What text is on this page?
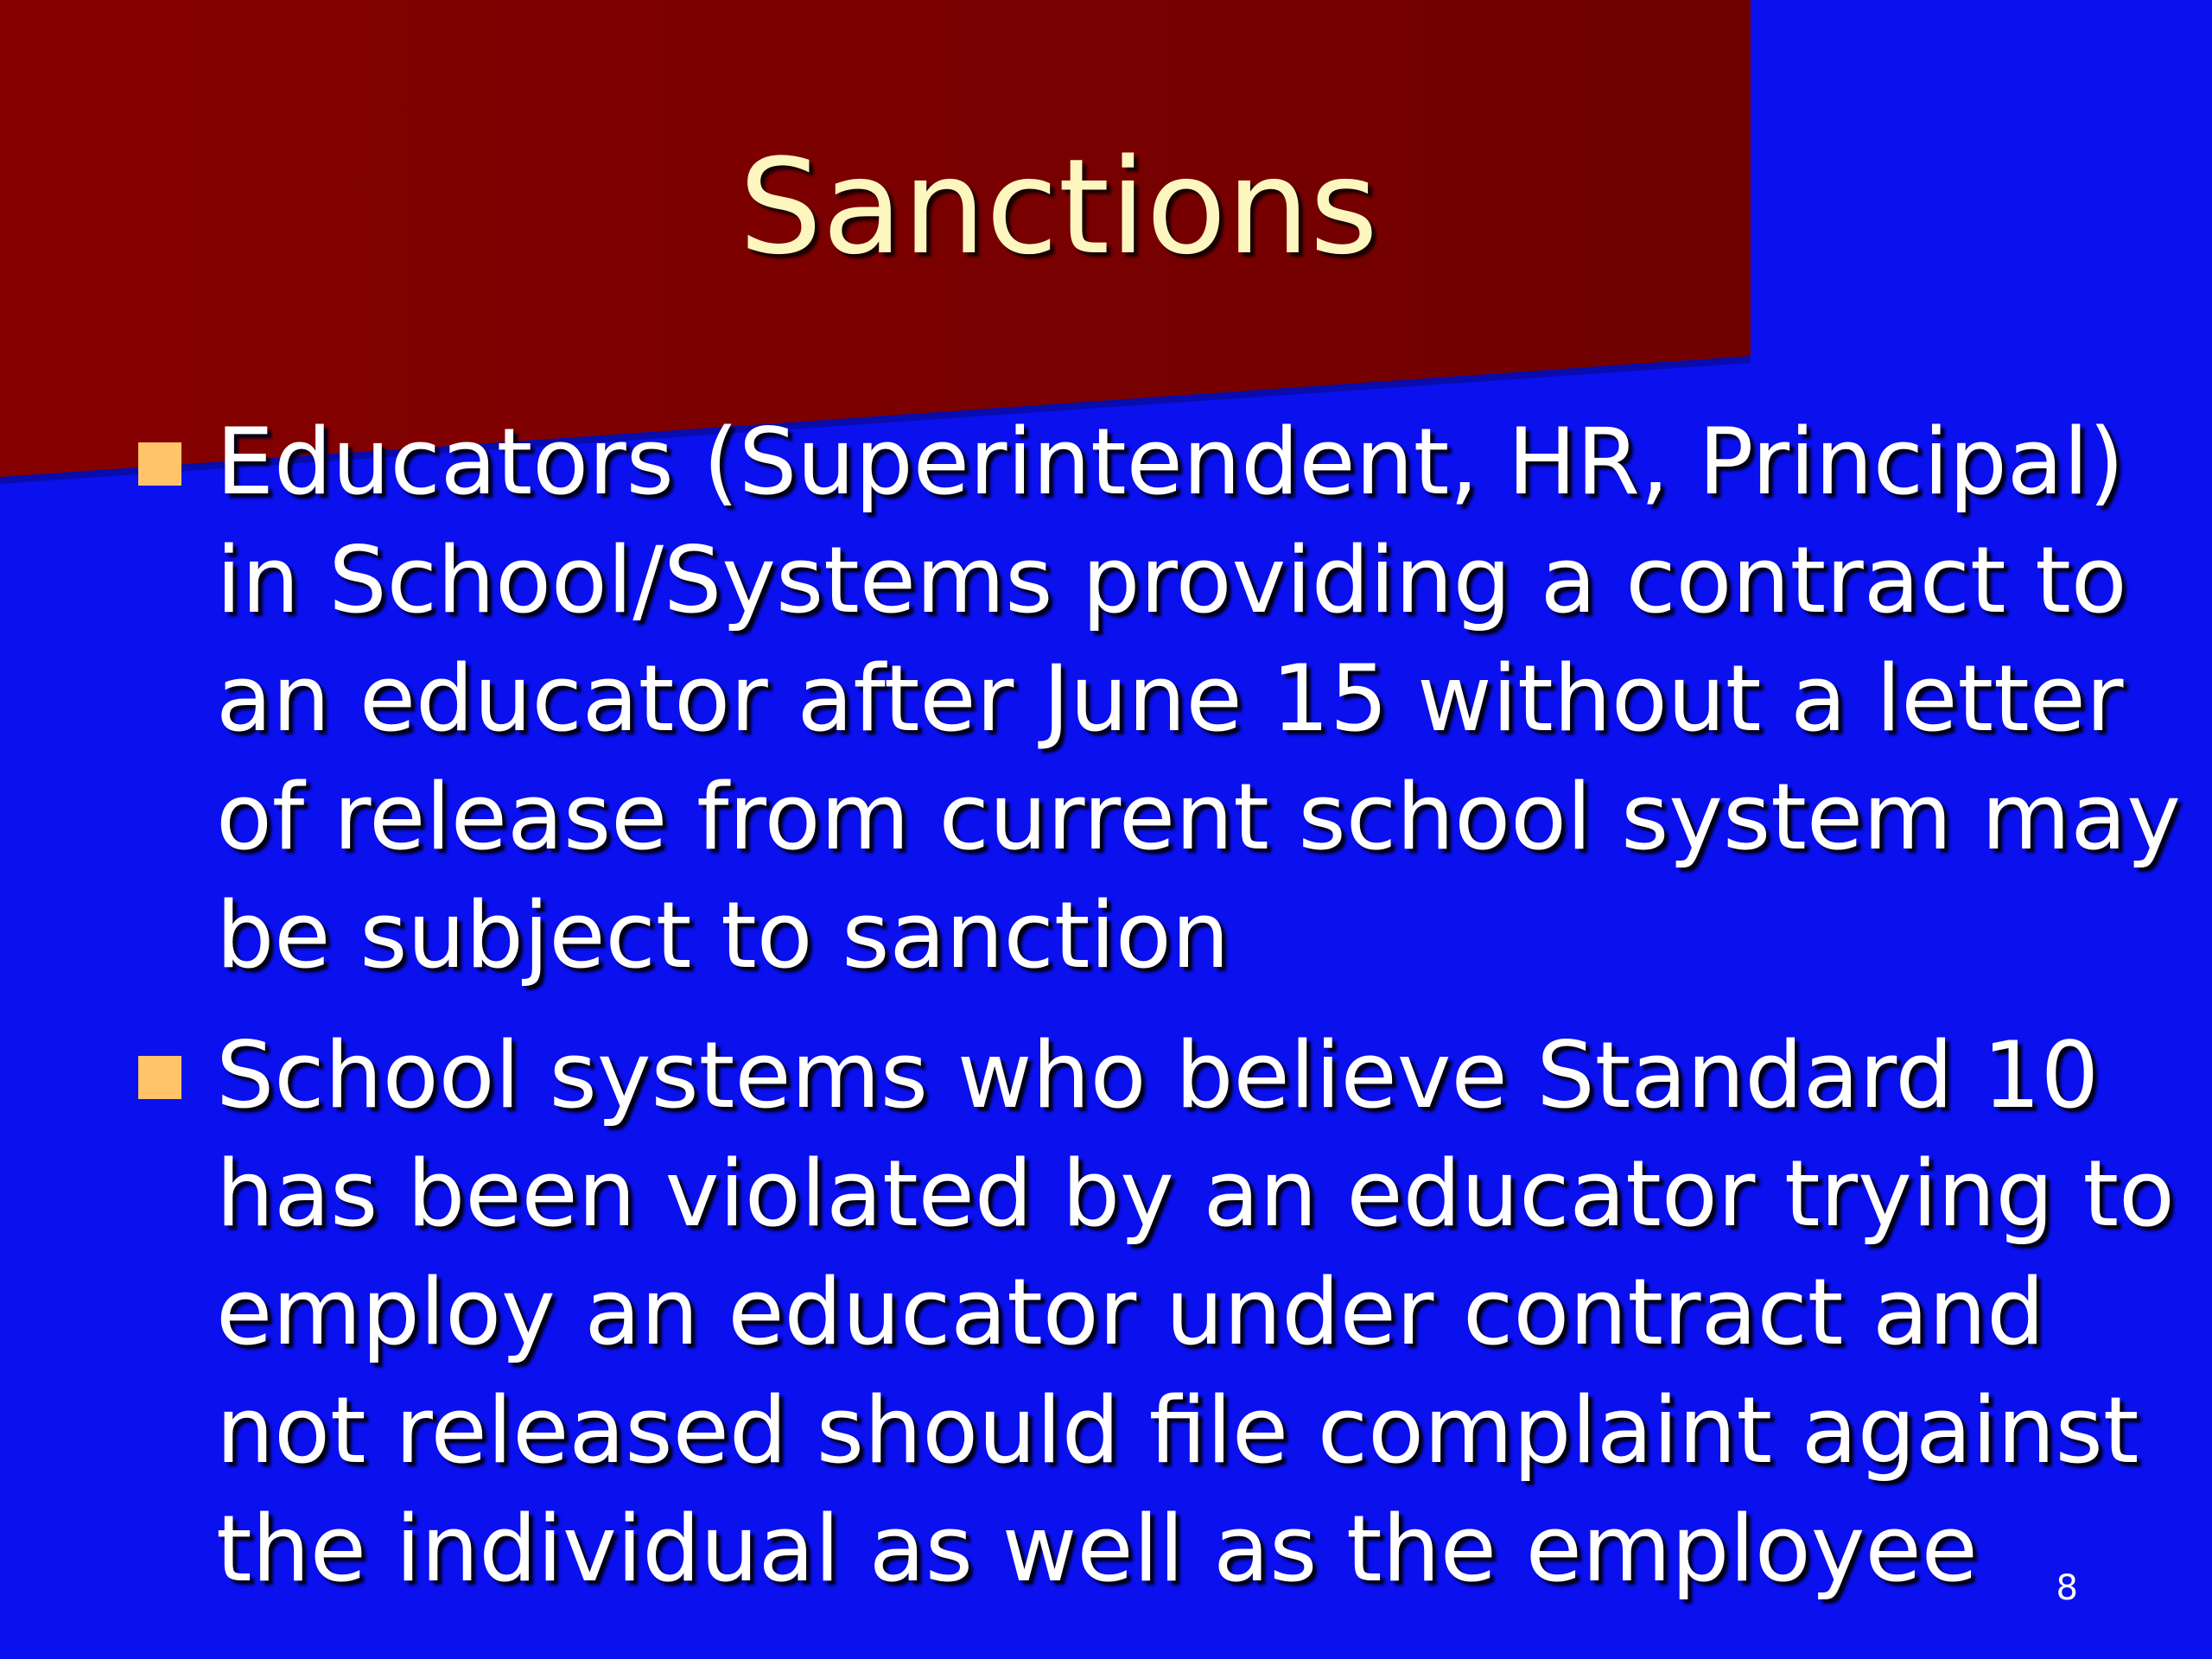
Sanctions
Educators (Superintendent, HR, Principal)
in School/Systems providing a contract to
an educator after June 15 without a letter
of release from current school system may
be subject to sanction
School systems who believe Standard 10
has been violated by an educator trying to
employ an educator under contract and
not released should file complaint against
the individual as well as the employee	8
